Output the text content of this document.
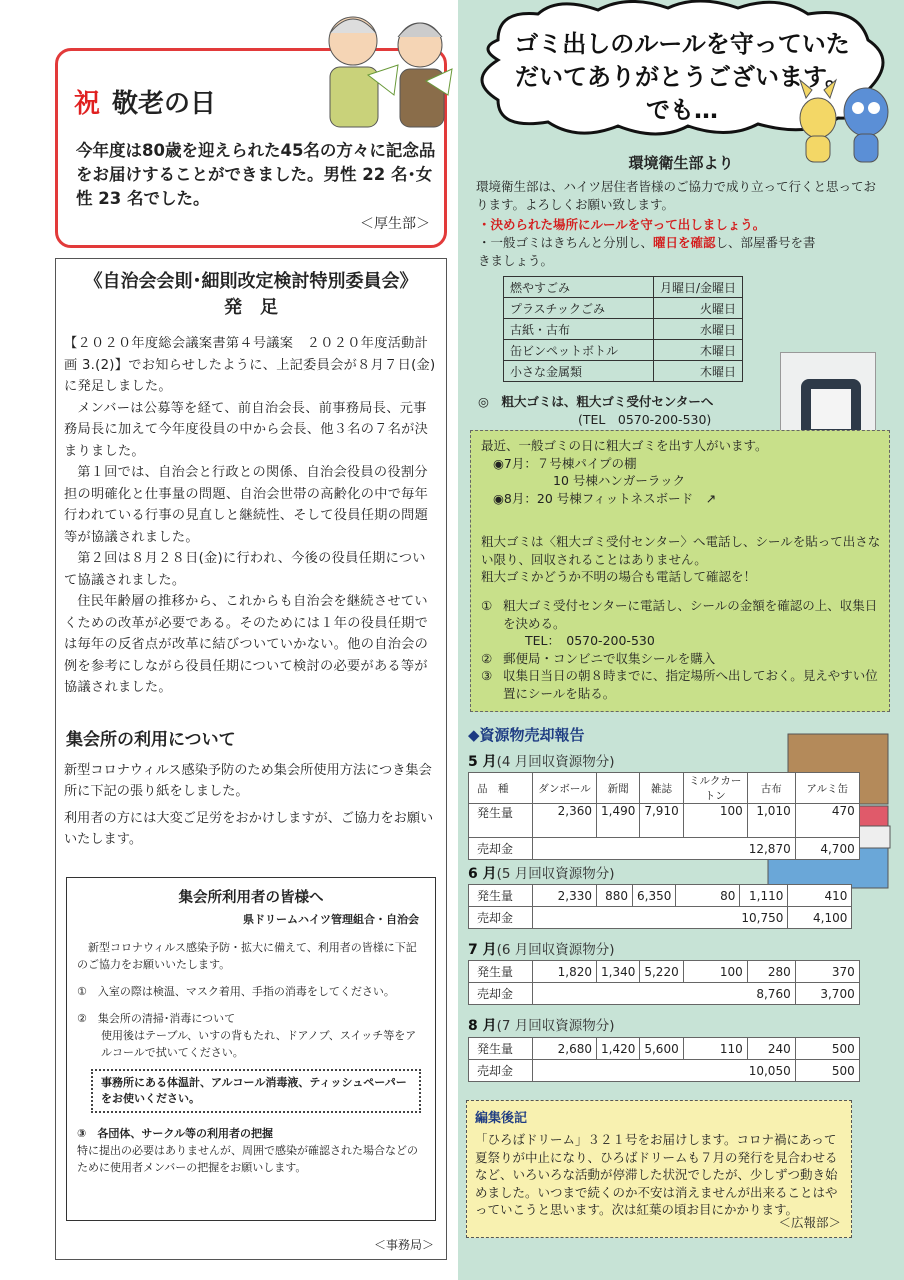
祝 敬老の日
今年度は80歳を迎えられた45名の方々に記念品をお届けすることができました。男性 22 名･女性 23 名でした。
＜厚生部＞
《自治会会則･細則改定検討特別委員会》
発　足

【２０２０年度総会議案書第４号議案　２０２０年度活動計画 3.(2)】でお知らせしたように、上記委員会が８月７日(金)に発足しました。

メンバーは公募等を経て、前自治会長、前事務局長、元事務局長に加えて今年度役員の中から会長、他３名の７名が決まりました。

第１回では、自治会と行政との関係、自治会役員の役割分担の明確化と仕事量の問題、自治会世帯の高齢化の中で毎年行われている行事の見直しと継続性、そして役員任期の問題等が協議されました。

第２回は８月２８日(金)に行われ、今後の役員任期について協議されました。

住民年齢層の推移から、これからも自治会を継続させていくための改革が必要である。そのためには１年の役員任期では毎年の反省点が改革に結びついていかない。他の自治会の例を参考にしながら役員任期について検討の必要がある等が協議されました。

集会所の利用について

新型コロナウィルス感染予防のため集会所使用方法につき集会所に下記の張り紙をしました。

利用者の方には大変ご足労をおかけしますが、ご協力をお願いいたします。

集会所利用者の皆様へ
県ドリームハイツ管理組合・自治会

新型コロナウィルス感染予防・拡大に備えて、利用者の皆様に下記のご協力をお願いいたします。

①　入室の際は検温、マスク着用、手指の消毒をしてください。

②　集会所の清掃･消毒について

使用後はテーブル、いすの背もたれ、ドアノブ、スイッチ等をアルコールで拭いてください。

事務所にある体温計、アルコール消毒液、ティッシュペーパーをお使いください。
③　各団体、サークル等の利用者の把握
特に提出の必要はありませんが、周囲で感染が確認された場合などのために使用者メンバーの把握をお願いします。
＜事務局＞
ゴミ出しのルールを守っていた
だいてありがとうございます。
でも…
環境衛生部より
環境衛生部は、ハイツ居住者皆様のご協力で成り立って行くと思っております。よろしくお願い致します。
・決められた場所にルールを守って出しましょう。
・一般ゴミはきちんと分別し、曜日を確認し、部屋番号を書きましょう。
燃やすごみ	月曜日/金曜日
プラスチックごみ	火曜日
古紙・古布	水曜日
缶ビンペットボトル	木曜日
小さな金属類	木曜日
◎　粗大ゴミは、粗大ゴミ受付センターへ
(TEL　0570-200-530)
最近、一般ゴミの日に粗大ゴミを出す人がいます。
◉7月：７号棟パイプの棚
10 号棟ハンガーラック
◉8月：20 号棟フィットネスボード　↗
粗大ゴミは〈粗大ゴミ受付センター〉へ電話し、シールを貼って出さない限り、回収されることはありません。
粗大ゴミかどうか不明の場合も電話して確認を！
① 粗大ゴミ受付センターに電話し、シールの金額を確認の上、収集日を決める。
TEL：　0570-200-530
② 郵便局・コンビニで収集シールを購入
③ 収集日当日の朝８時までに、指定場所へ出しておく。見えやすい位置にシールを貼る。
◆資源物売却報告
5 月(4 月回収資源物分)
品　種	ダンボール	新聞	雑誌	ミルクカートン	古布	アルミ缶
発生量	2,360	1,490	7,910	100	1,010	470
売却金	12,870					4,700
6 月(5 月回収資源物分)
発生量	2,330	880	6,350	80	1,110	410
売却金	10,750					4,100
7 月(6 月回収資源物分)
発生量	1,820	1,340	5,220	100	280	370
売却金	8,760					3,700
8 月(7 月回収資源物分)
発生量	2,680	1,420	5,600	110	240	500
売却金	10,050					500
編集後記
「ひろばドリーム」３２１号をお届けします。コロナ禍にあって夏祭りが中止になり、ひろばドリームも７月の発行を見合わせるなど、いろいろな活動が停滞した状況でしたが、少しずつ動き始めました。いつまで続くのか不安は消えませんが出来ることはやっていこうと思います。次は紅葉の頃お目にかかります。
＜広報部＞
